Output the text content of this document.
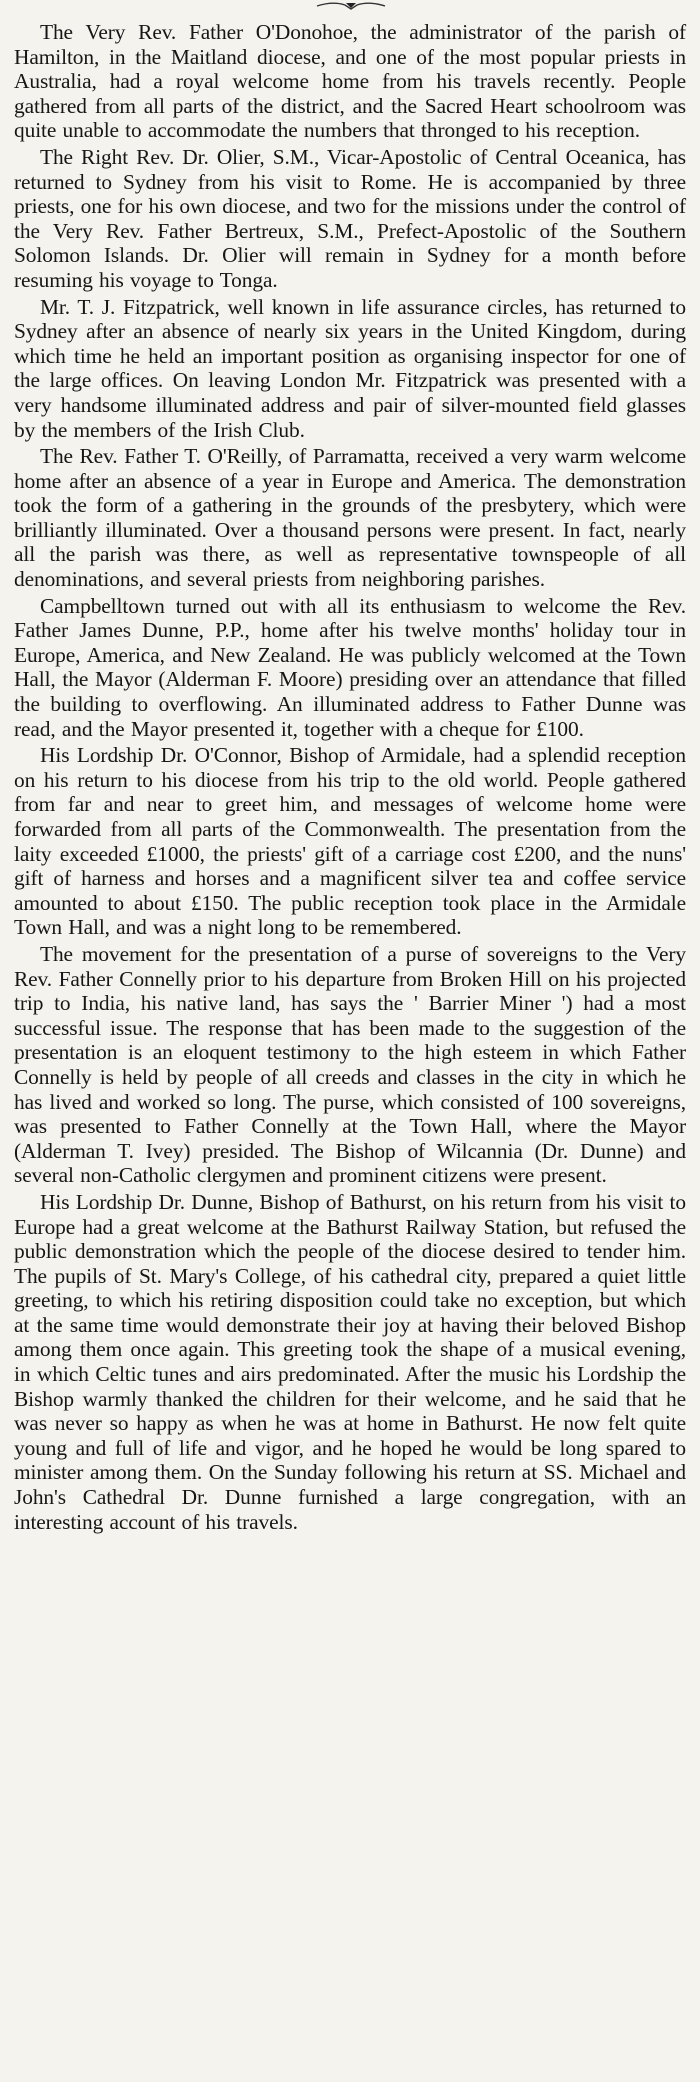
The Very Rev. Father O'Donohoe, the administrator of the parish of Hamilton, in the Maitland diocese, and one of the most popular priests in Australia, had a royal welcome home from his travels recently. People gathered from all parts of the district, and the Sacred Heart schoolroom was quite unable to accommodate the numbers that thronged to his reception.

The Right Rev. Dr. Olier, S.M., Vicar-Apostolic of Central Oceanica, has returned to Sydney from his visit to Rome. He is accompanied by three priests, one for his own diocese, and two for the missions under the control of the Very Rev. Father Bertreux, S.M., Prefect-Apostolic of the Southern Solomon Islands. Dr. Olier will remain in Sydney for a month before resuming his voyage to Tonga.

Mr. T. J. Fitzpatrick, well known in life assurance circles, has returned to Sydney after an absence of nearly six years in the United Kingdom, during which time he held an important position as organising inspector for one of the large offices. On leaving London Mr. Fitzpatrick was presented with a very handsome illuminated address and pair of silver-mounted field glasses by the members of the Irish Club.

The Rev. Father T. O'Reilly, of Parramatta, received a very warm welcome home after an absence of a year in Europe and America. The demonstration took the form of a gathering in the grounds of the presbytery, which were brilliantly illuminated. Over a thousand persons were present. In fact, nearly all the parish was there, as well as representative townspeople of all denominations, and several priests from neighboring parishes.

Campbelltown turned out with all its enthusiasm to welcome the Rev. Father James Dunne, P.P., home after his twelve months' holiday tour in Europe, America, and New Zealand. He was publicly welcomed at the Town Hall, the Mayor (Alderman F. Moore) presiding over an attendance that filled the building to overflowing. An illuminated address to Father Dunne was read, and the Mayor presented it, together with a cheque for £100.

His Lordship Dr. O'Connor, Bishop of Armidale, had a splendid reception on his return to his diocese from his trip to the old world. People gathered from far and near to greet him, and messages of welcome home were forwarded from all parts of the Commonwealth. The presentation from the laity exceeded £1000, the priests' gift of a carriage cost £200, and the nuns' gift of harness and horses and a magnificent silver tea and coffee service amounted to about £150. The public reception took place in the Armidale Town Hall, and was a night long to be remembered.

The movement for the presentation of a purse of sovereigns to the Very Rev. Father Connelly prior to his departure from Broken Hill on his projected trip to India, his native land, has says the ' Barrier Miner ') had a most successful issue. The response that has been made to the suggestion of the presentation is an eloquent testimony to the high esteem in which Father Connelly is held by people of all creeds and classes in the city in which he has lived and worked so long. The purse, which consisted of 100 sovereigns, was presented to Father Connelly at the Town Hall, where the Mayor (Alderman T. Ivey) presided. The Bishop of Wilcannia (Dr. Dunne) and several non-Catholic clergymen and prominent citizens were present.

His Lordship Dr. Dunne, Bishop of Bathurst, on his return from his visit to Europe had a great welcome at the Bathurst Railway Station, but refused the public demonstration which the people of the diocese desired to tender him. The pupils of St. Mary's College, of his cathedral city, prepared a quiet little greeting, to which his retiring disposition could take no exception, but which at the same time would demonstrate their joy at having their beloved Bishop among them once again. This greeting took the shape of a musical evening, in which Celtic tunes and airs predominated. After the music his Lordship the Bishop warmly thanked the children for their welcome, and he said that he was never so happy as when he was at home in Bathurst. He now felt quite young and full of life and vigor, and he hoped he would be long spared to minister among them. On the Sunday following his return at SS. Michael and John's Cathedral Dr. Dunne furnished a large congregation, with an interesting account of his travels.
